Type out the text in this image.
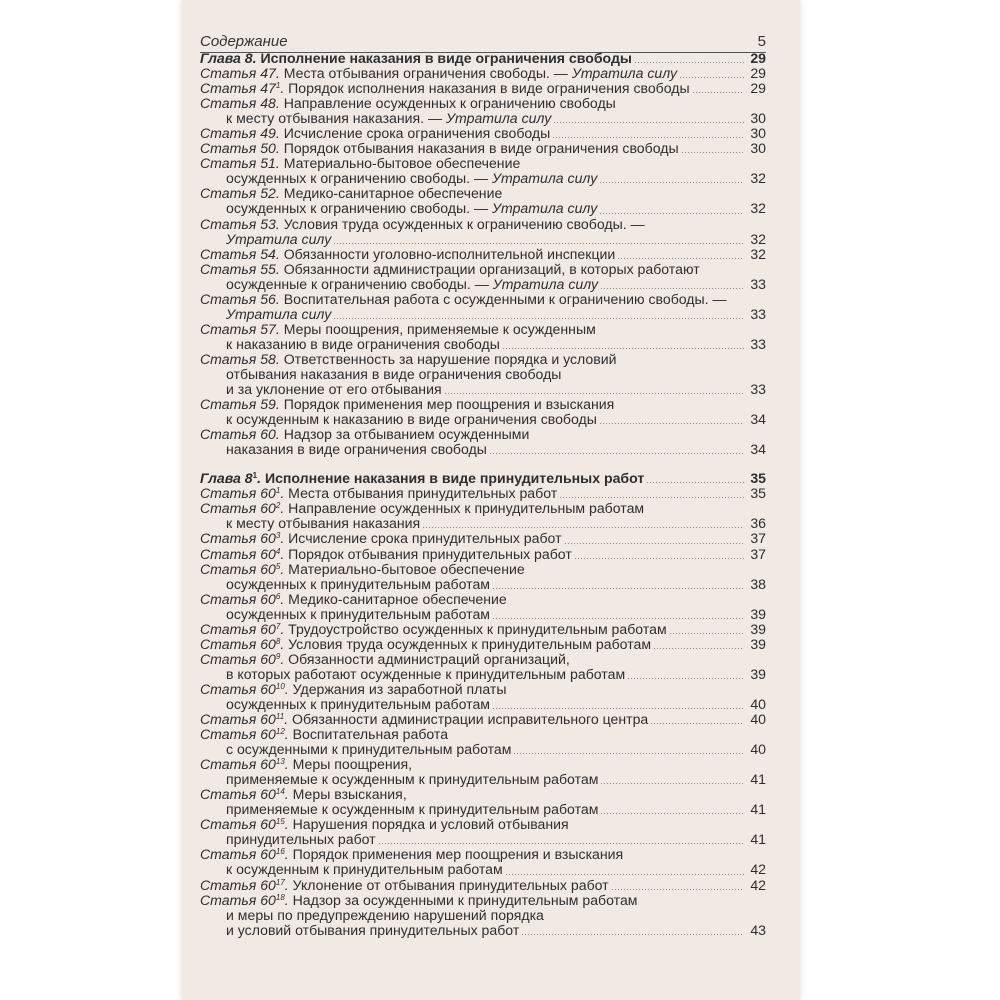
Содержание	5
Глава 8. Исполнение наказания в виде ограничения свободы	29
Статья 47. Места отбывания ограничения свободы. — Утратила силу	29
Статья $47^1$. Порядок исполнения наказания в виде ограничения свободы	29
Статья 48. Направление осужденных к ограничению свободы
к месту отбывания наказания. — Утратила силу	30
Статья 49. Исчисление срока ограничения свободы	30
Статья 50. Порядок отбывания наказания в виде ограничения свободы	30
Статья 51. Материально-бытовое обеспечение
осужденных к ограничению свободы. — Утратила силу	32
Статья 52. Медико-санитарное обеспечение
осужденных к ограничению свободы. — Утратила силу	32
Статья 53. Условия труда осужденных к ограничению свободы. —
Утратила силу	32
Статья 54. Обязанности уголовно-исполнительной инспекции	32
Статья 55. Обязанности администрации организаций, в которых работают
осужденные к ограничению свободы. — Утратила силу	33
Статья 56. Воспитательная работа с осужденными к ограничению свободы. —
Утратила силу	33
Статья 57. Меры поощрения, применяемые к осужденным
к наказанию в виде ограничения свободы	33
Статья 58. Ответственность за нарушение порядка и условий
отбывания наказания в виде ограничения свободы
и за уклонение от его отбывания	33
Статья 59. Порядок применения мер поощрения и взыскания
к осужденным к наказанию в виде ограничения свободы	34
Статья 60. Надзор за отбыванием осужденными
наказания в виде ограничения свободы	34
Глава $8^1$. Исполнение наказания в виде принудительных работ	35
Статья $60^1$. Места отбывания принудительных работ	35
Статья $60^2$. Направление осужденных к принудительным работам
к месту отбывания наказания	36
Статья $60^3$. Исчисление срока принудительных работ	37
Статья $60^4$. Порядок отбывания принудительных работ	37
Статья $60^5$. Материально-бытовое обеспечение
осужденных к принудительным работам	38
Статья $60^6$. Медико-санитарное обеспечение
осужденных к принудительным работам	39
Статья $60^7$. Трудоустройство осужденных к принудительным работам	39
Статья $60^8$. Условия труда осужденных к принудительным работам	39
Статья $60^9$. Обязанности администраций организаций,
в которых работают осужденные к принудительным работам	39
Статья $60^{10}$. Удержания из заработной платы
осужденных к принудительным работам	40
Статья $60^{11}$. Обязанности администрации исправительного центра	40
Статья $60^{12}$. Воспитательная работа
с осужденными к принудительным работам	40
Статья $60^{13}$. Меры поощрения,
применяемые к осужденным к принудительным работам	41
Статья $60^{14}$. Меры взыскания,
применяемые к осужденным к принудительным работам	41
Статья $60^{15}$. Нарушения порядка и условий отбывания
принудительных работ	41
Статья $60^{16}$. Порядок применения мер поощрения и взыскания
к осужденным к принудительным работам	42
Статья $60^{17}$. Уклонение от отбывания принудительных работ	42
Статья $60^{18}$. Надзор за осужденными к принудительным работам
и меры по предупреждению нарушений порядка
и условий отбывания принудительных работ	43
